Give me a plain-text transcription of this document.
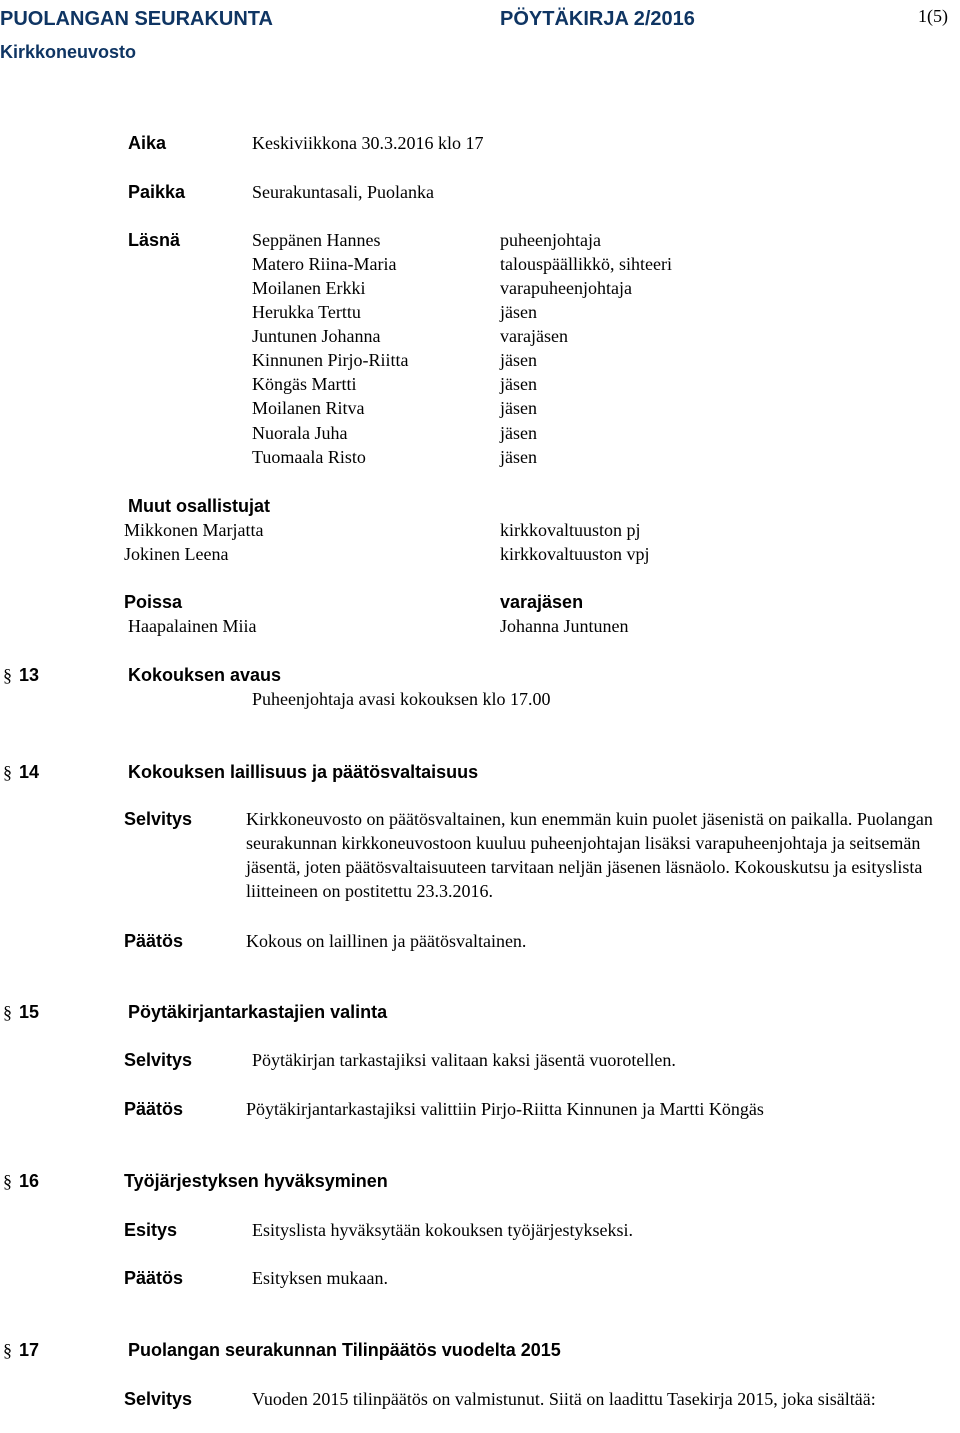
PUOLANGAN SEURAKUNTA	PÖYTÄKIRJA 2/2016	1(5)
Kirkkoneuvosto
Aika	Keskiviikkona 30.3.2016 klo 17
Paikka	Seurakuntasali, Puolanka
Läsnä	Seppänen Hannes	puheenjohtaja
Matero Riina-Maria	talouspäällikkö, sihteeri
Moilanen Erkki	varapuheenjohtaja
Herukka Terttu	jäsen
Juntunen Johanna	varajäsen
Kinnunen Pirjo-Riitta	jäsen
Köngäs Martti	jäsen
Moilanen Ritva	jäsen
Nuorala Juha	jäsen
Tuomaala Risto	jäsen
Muut osallistujat
Mikkonen Marjatta	kirkkovaltuuston pj
Jokinen Leena	kirkkovaltuuston vpj
Poissa	varajäsen
Haapalainen Miia	Johanna Juntunen
§ 13	Kokouksen avaus
Puheenjohtaja avasi kokouksen klo 17.00
§ 14	Kokouksen laillisuus ja päätösvaltaisuus
Selvitys	Kirkkoneuvosto on päätösvaltainen, kun enemmän kuin puolet jäsenistä on paikalla. Puolangan seurakunnan kirkkoneuvostoon kuuluu puheenjohtajan lisäksi varapuheenjohtaja ja seitsemän jäsentä, joten päätösvaltaisuuteen tarvitaan neljän jäsenen läsnäolo. Kokouskutsu ja esityslista liitteineen on postitettu 23.3.2016.
Päätös	Kokous on laillinen ja päätösvaltainen.
§ 15	Pöytäkirjantarkastajien valinta
Selvitys	Pöytäkirjan tarkastajiksi valitaan kaksi jäsentä vuorotellen.
Päätös	Pöytäkirjantarkastajiksi valittiin Pirjo-Riitta Kinnunen ja Martti Köngäs
§ 16	Työjärjestyksen hyväksyminen
Esitys	Esityslista hyväksytään kokouksen työjärjestykseksi.
Päätös	Esityksen mukaan.
§ 17	Puolangan seurakunnan Tilinpäätös vuodelta 2015
Selvitys	Vuoden 2015 tilinpäätös on valmistunut. Siitä on laadittu Tasekirja 2015, joka sisältää:
